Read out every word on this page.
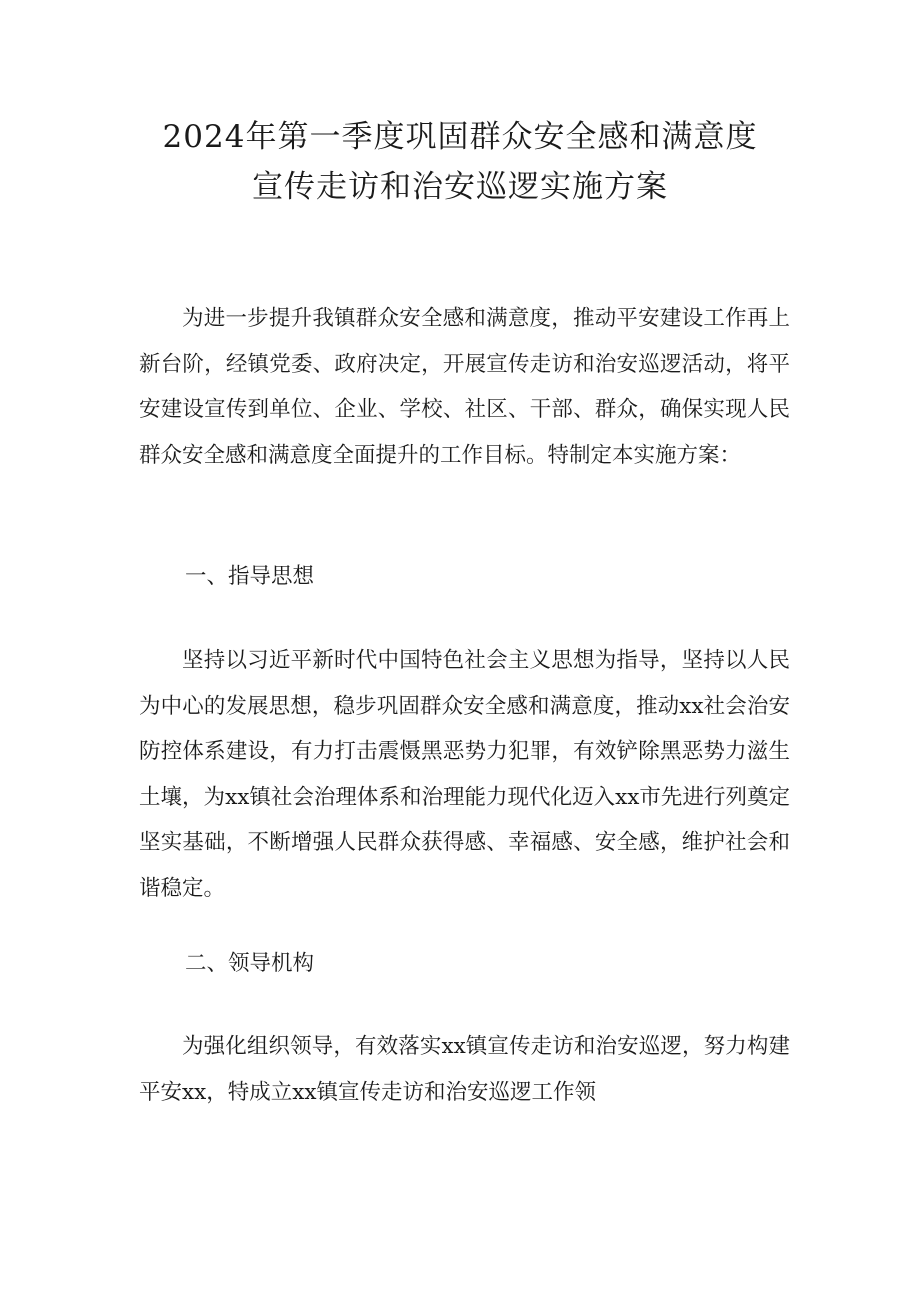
2024年第一季度巩固群众安全感和满意度
宣传走访和治安巡逻实施方案

为进一步提升我镇群众安全感和满意度，推动平安建设工作再上新台阶，经镇党委、政府决定，开展宣传走访和治安巡逻活动，将平安建设宣传到单位、企业、学校、社区、干部、群众，确保实现人民群众安全感和满意度全面提升的工作目标。特制定本实施方案：

一、指导思想

坚持以习近平新时代中国特色社会主义思想为指导，坚持以人民为中心的发展思想，稳步巩固群众安全感和满意度，推动xx社会治安防控体系建设，有力打击震慑黑恶势力犯罪，有效铲除黑恶势力滋生土壤，为xx镇社会治理体系和治理能力现代化迈入xx市先进行列奠定坚实基础，不断增强人民群众获得感、幸福感、安全感，维护社会和谐稳定。

二、领导机构

为强化组织领导，有效落实xx镇宣传走访和治安巡逻，努力构建平安xx，特成立xx镇宣传走访和治安巡逻工作领
